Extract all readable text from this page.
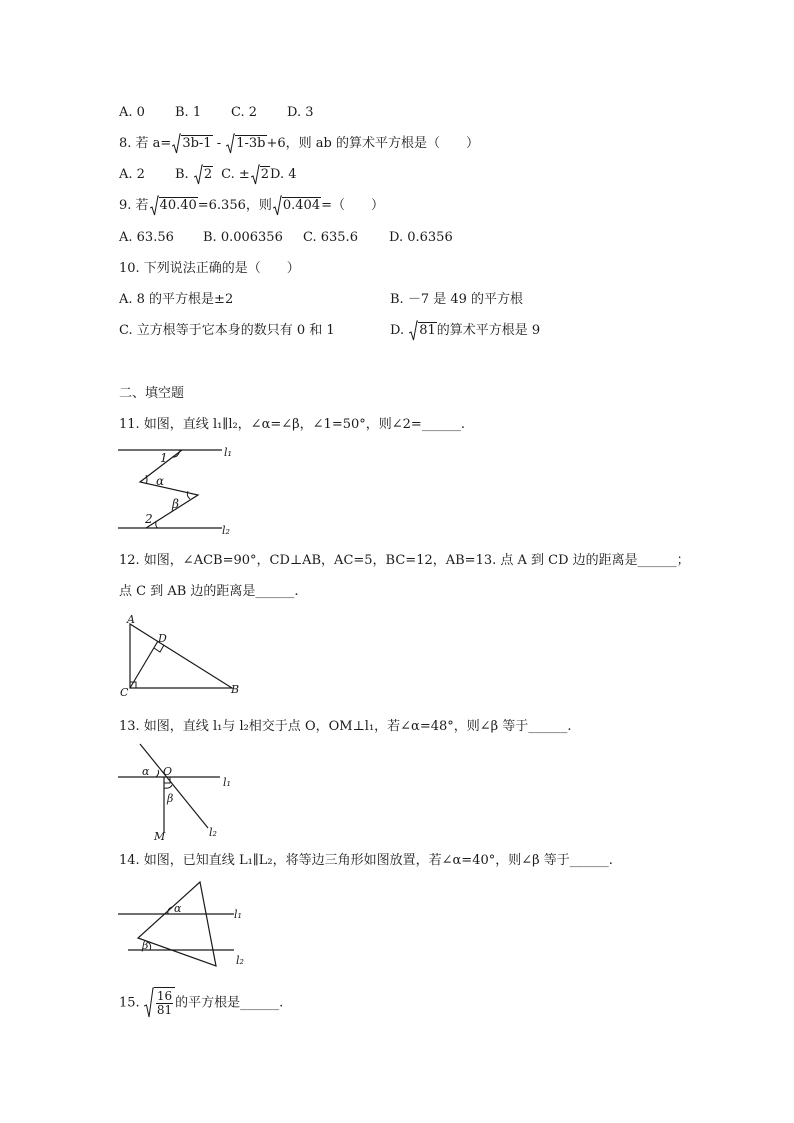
A. 0 B. 1 C. 2 D. 3
8. 若 a= 3b-1 -
1-3b+6，则 ab 的算术平方根是（　　）
A. 2 B.
2 C. ± 2D. 4
9. 若 40.40=6.356，则 0.404=（　　）
A. 63.56 B. 0.006356 C. 635.6 D. 0.6356
10. 下列说法正确的是（　　）
A. 8 的平方根是±2	B. －7 是 49 的平方根
C. 立方根等于它本身的数只有 0 和 1	D.
81的算术平方根是 9
二、填空题
11. 如图，直线 l₁∥l₂，∠α=∠β，∠1=50°，则∠2=______.
1
α
β
2
l₁
l₂
12. 如图，∠ACB=90°，CD⊥AB，AC=5，BC=12，AB=13. 点 A 到 CD 边的距离是______；
点 C 到 AB 边的距离是______.
A
D
C	B
13. 如图，直线 l₁与 l₂相交于点 O，OM⊥l₁，若∠α=48°，则∠β 等于______.
α O
β
M
l₁
l₂
14. 如图，已知直线 L₁∥L₂，将等边三角形如图放置，若∠α=40°，则∠β 等于______.
α
β
l₁
l₂
15. $\frac{16}{81}$ 的平方根是______.
